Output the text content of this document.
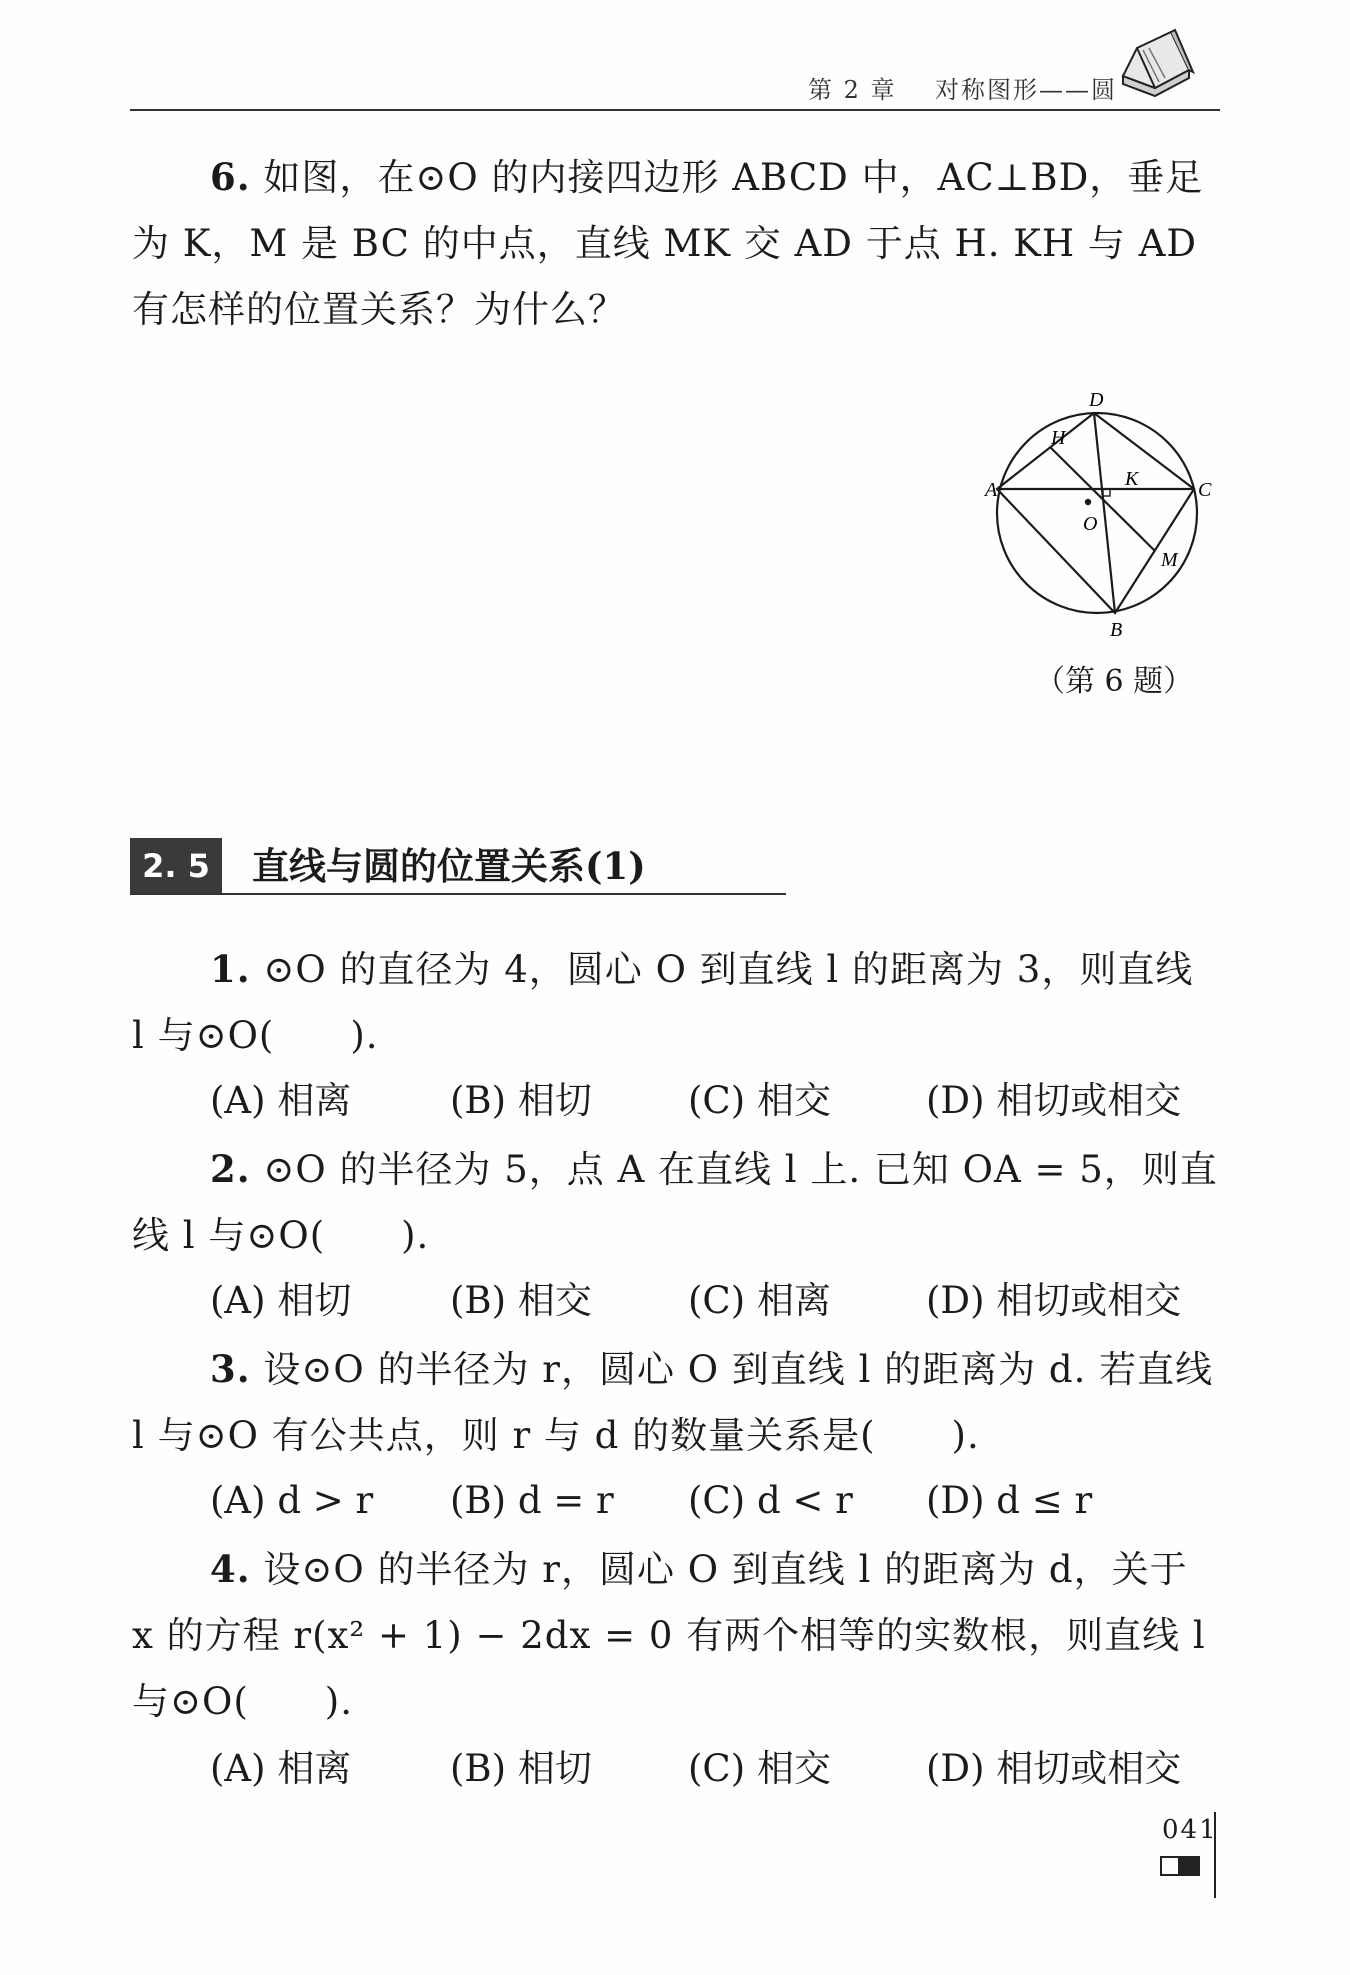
第 2 章    对称图形——圆
6. 如图，在⊙O 的内接四边形 ABCD 中，AC⊥BD，垂足为 K，M 是 BC 的中点，直线 MK 交 AD 于点 H. KH 与 AD 有怎样的位置关系？为什么？
A
B
C
D
H
K
M
O
（第 6 题）
2. 5	直线与圆的位置关系(1)
1. ⊙O 的直径为 4，圆心 O 到直线 l 的距离为 3，则直线 l 与⊙O(　　).
(A) 相离	(B) 相切	(C) 相交	(D) 相切或相交
2. ⊙O 的半径为 5，点 A 在直线 l 上. 已知 OA = 5，则直线 l 与⊙O(　　).
(A) 相切	(B) 相交	(C) 相离	(D) 相切或相交
3. 设⊙O 的半径为 r，圆心 O 到直线 l 的距离为 d. 若直线 l 与⊙O 有公共点，则 r 与 d 的数量关系是(　　).
(A) d > r (B) d = r (C) d < r (D) d ≤ r
4. 设⊙O 的半径为 r，圆心 O 到直线 l 的距离为 d，关于 x 的方程 r(x² + 1) − 2dx = 0 有两个相等的实数根，则直线 l 与⊙O(　　).
(A) 相离	(B) 相切	(C) 相交	(D) 相切或相交
041
